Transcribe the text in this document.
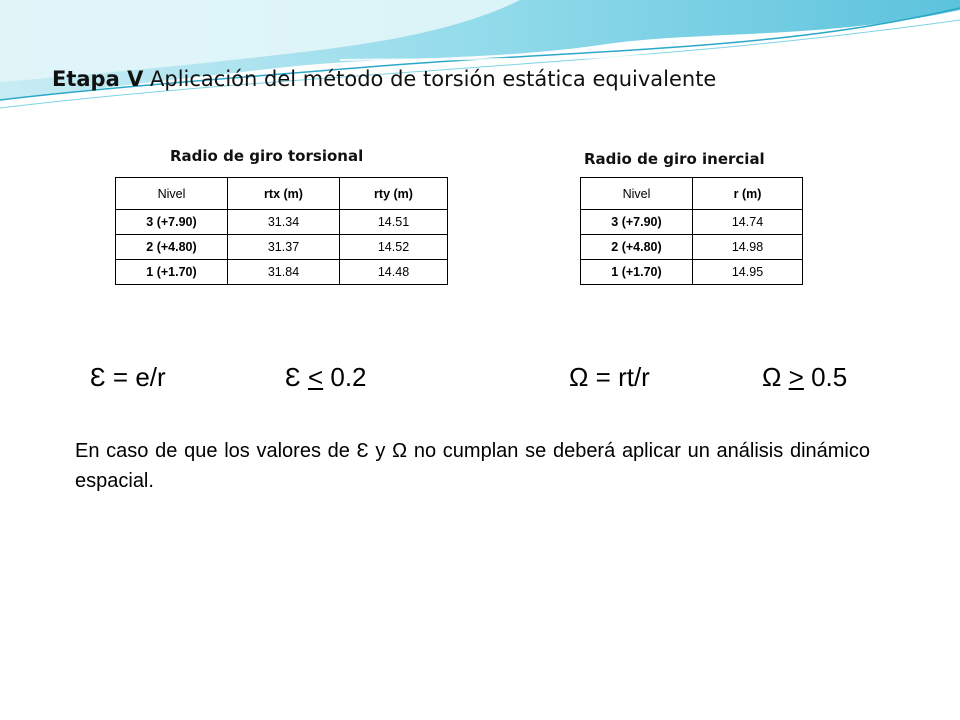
Etapa V Aplicación del método de torsión estática equivalente
Radio de giro torsional
Nivel	rtx (m)	rty (m)
3 (+7.90)	31.34	14.51
2 (+4.80)	31.37	14.52
1 (+1.70)	31.84	14.48
Radio de giro inercial
Nivel	r (m)
3 (+7.90)	14.74
2 (+4.80)	14.98
1 (+1.70)	14.95
Ɛ = e/r	Ɛ < 0.2	Ω = rt/r	Ω > 0.5
En caso de que los valores de Ɛ y Ω no cumplan se deberá aplicar un análisis dinámico espacial.
